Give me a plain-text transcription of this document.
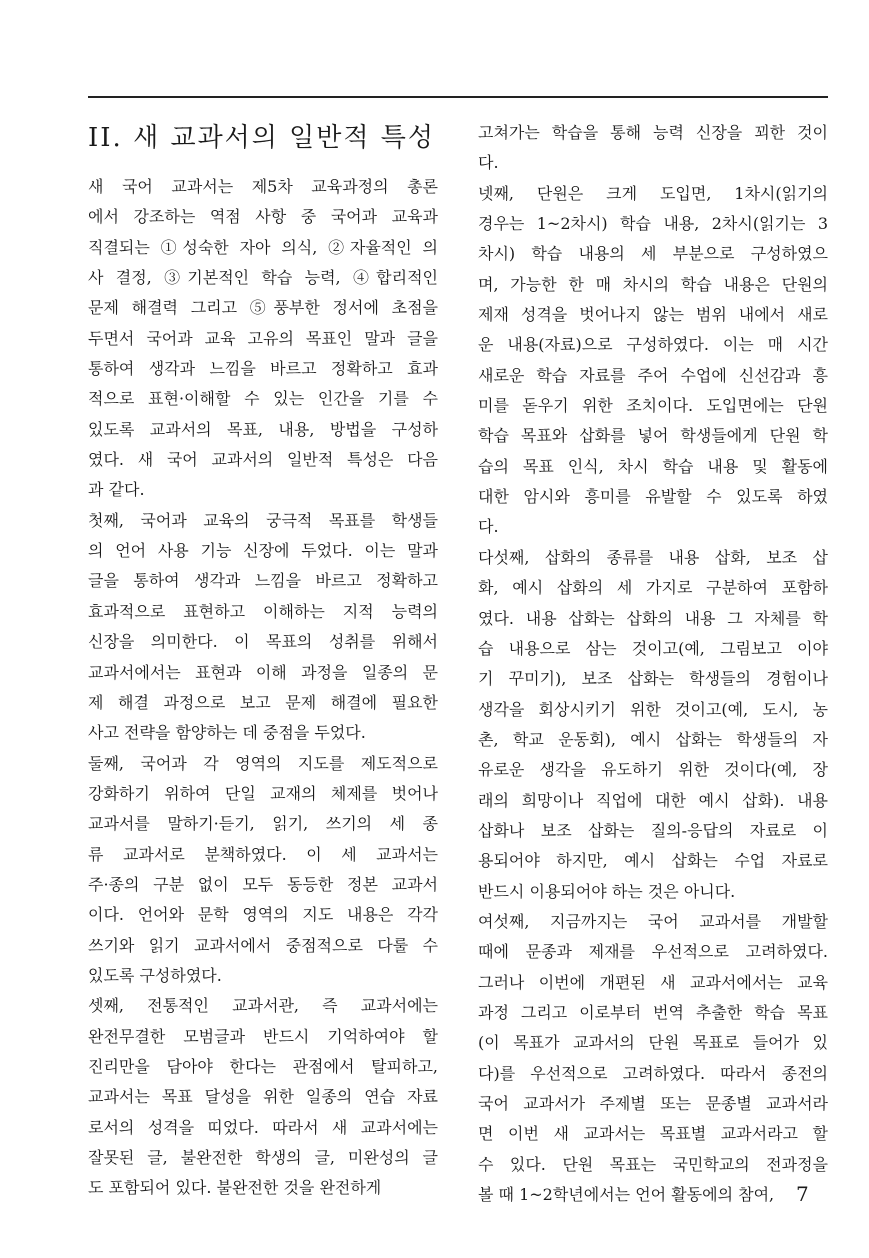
II. 새 교과서의 일반적 특성
새 국어 교과서는 제5차 교육과정의 총론
에서 강조하는 역점 사항 중 국어과 교육과
직결되는 ①성숙한 자아 의식, ②자율적인 의
사 결정, ③기본적인 학습 능력, ④합리적인
문제 해결력 그리고 ⑤풍부한 정서에 초점을
두면서 국어과 교육 고유의 목표인 말과 글을
통하여 생각과 느낌을 바르고 정확하고 효과
적으로 표현·이해할 수 있는 인간을 기를 수
있도록 교과서의 목표, 내용, 방법을 구성하
였다. 새 국어 교과서의 일반적 특성은 다음
과 같다.
첫째, 국어과 교육의 궁극적 목표를 학생들
의 언어 사용 기능 신장에 두었다. 이는 말과
글을 통하여 생각과 느낌을 바르고 정확하고
효과적으로 표현하고 이해하는 지적 능력의
신장을 의미한다. 이 목표의 성취를 위해서
교과서에서는 표현과 이해 과정을 일종의 문
제 해결 과정으로 보고 문제 해결에 필요한
사고 전략을 함양하는 데 중점을 두었다.
둘째, 국어과 각 영역의 지도를 제도적으로
강화하기 위하여 단일 교재의 체제를 벗어나
교과서를 말하기·듣기, 읽기, 쓰기의 세 종
류 교과서로 분책하였다. 이 세 교과서는
주·종의 구분 없이 모두 동등한 정본 교과서
이다. 언어와 문학 영역의 지도 내용은 각각
쓰기와 읽기 교과서에서 중점적으로 다룰 수
있도록 구성하였다.
셋째, 전통적인 교과서관, 즉 교과서에는
완전무결한 모범글과 반드시 기억하여야 할
진리만을 담아야 한다는 관점에서 탈피하고,
교과서는 목표 달성을 위한 일종의 연습 자료
로서의 성격을 띠었다. 따라서 새 교과서에는
잘못된 글, 불완전한 학생의 글, 미완성의 글
도 포함되어 있다. 불완전한 것을 완전하게
고쳐가는 학습을 통해 능력 신장을 꾀한 것이
다.
넷째, 단원은 크게 도입면, 1차시(읽기의
경우는 1~2차시) 학습 내용, 2차시(읽기는 3
차시) 학습 내용의 세 부분으로 구성하였으
며, 가능한 한 매 차시의 학습 내용은 단원의
제재 성격을 벗어나지 않는 범위 내에서 새로
운 내용(자료)으로 구성하였다. 이는 매 시간
새로운 학습 자료를 주어 수업에 신선감과 흥
미를 돋우기 위한 조치이다. 도입면에는 단원
학습 목표와 삽화를 넣어 학생들에게 단원 학
습의 목표 인식, 차시 학습 내용 및 활동에
대한 암시와 흥미를 유발할 수 있도록 하였
다.
다섯째, 삽화의 종류를 내용 삽화, 보조 삽
화, 예시 삽화의 세 가지로 구분하여 포함하
였다. 내용 삽화는 삽화의 내용 그 자체를 학
습 내용으로 삼는 것이고(예, 그림보고 이야
기 꾸미기), 보조 삽화는 학생들의 경험이나
생각을 회상시키기 위한 것이고(예, 도시, 농
촌, 학교 운동회), 예시 삽화는 학생들의 자
유로운 생각을 유도하기 위한 것이다(예, 장
래의 희망이나 직업에 대한 예시 삽화). 내용
삽화나 보조 삽화는 질의-응답의 자료로 이
용되어야 하지만, 예시 삽화는 수업 자료로
반드시 이용되어야 하는 것은 아니다.
여섯째, 지금까지는 국어 교과서를 개발할
때에 문종과 제재를 우선적으로 고려하였다.
그러나 이번에 개편된 새 교과서에서는 교육
과정 그리고 이로부터 번역 추출한 학습 목표
(이 목표가 교과서의 단원 목표로 들어가 있
다)를 우선적으로 고려하였다. 따라서 종전의
국어 교과서가 주제별 또는 문종별 교과서라
면 이번 새 교과서는 목표별 교과서라고 할
수 있다. 단원 목표는 국민학교의 전과정을
볼 때 1~2학년에서는 언어 활동에의 참여,	7
